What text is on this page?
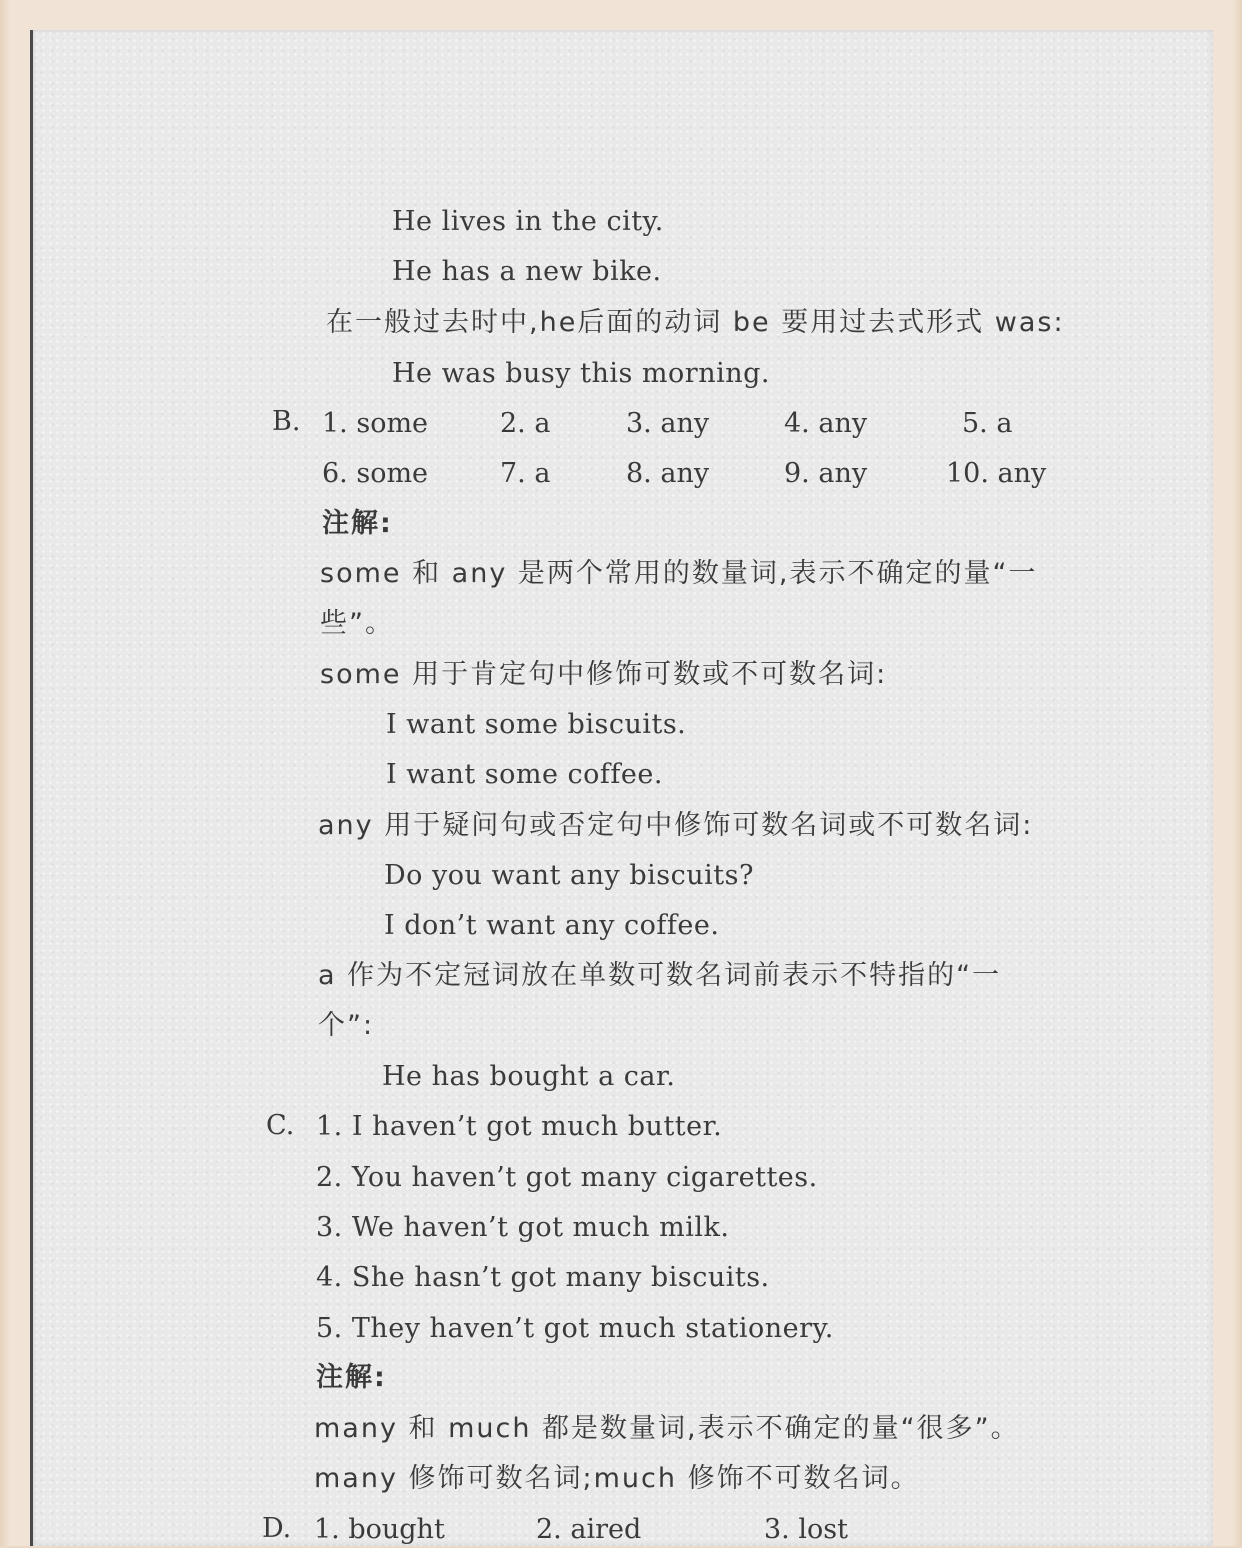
He lives in the city.
He has a new bike.
在一般过去时中,he后面的动词 be 要用过去式形式 was:
He was busy this morning.
B. 1. some	2. a	3. any	4. any	5. a
6. some	7. a	8. any	9. any	10. any
注解:
some 和 any 是两个常用的数量词,表示不确定的量“一
些”。
some 用于肯定句中修饰可数或不可数名词:
I want some biscuits.
I want some coffee.
any 用于疑问句或否定句中修饰可数名词或不可数名词:
Do you want any biscuits?
I don’t want any coffee.
a 作为不定冠词放在单数可数名词前表示不特指的“一
个”:
He has bought a car.
C. 1. I haven’t got much butter.
2. You haven’t got many cigarettes.
3. We haven’t got much milk.
4. She hasn’t got many biscuits.
5. They haven’t got much stationery.
注解:
many 和 much 都是数量词,表示不确定的量“很多”。
many 修饰可数名词;much 修饰不可数名词。
D. 1. bought	2. aired	3. lost
